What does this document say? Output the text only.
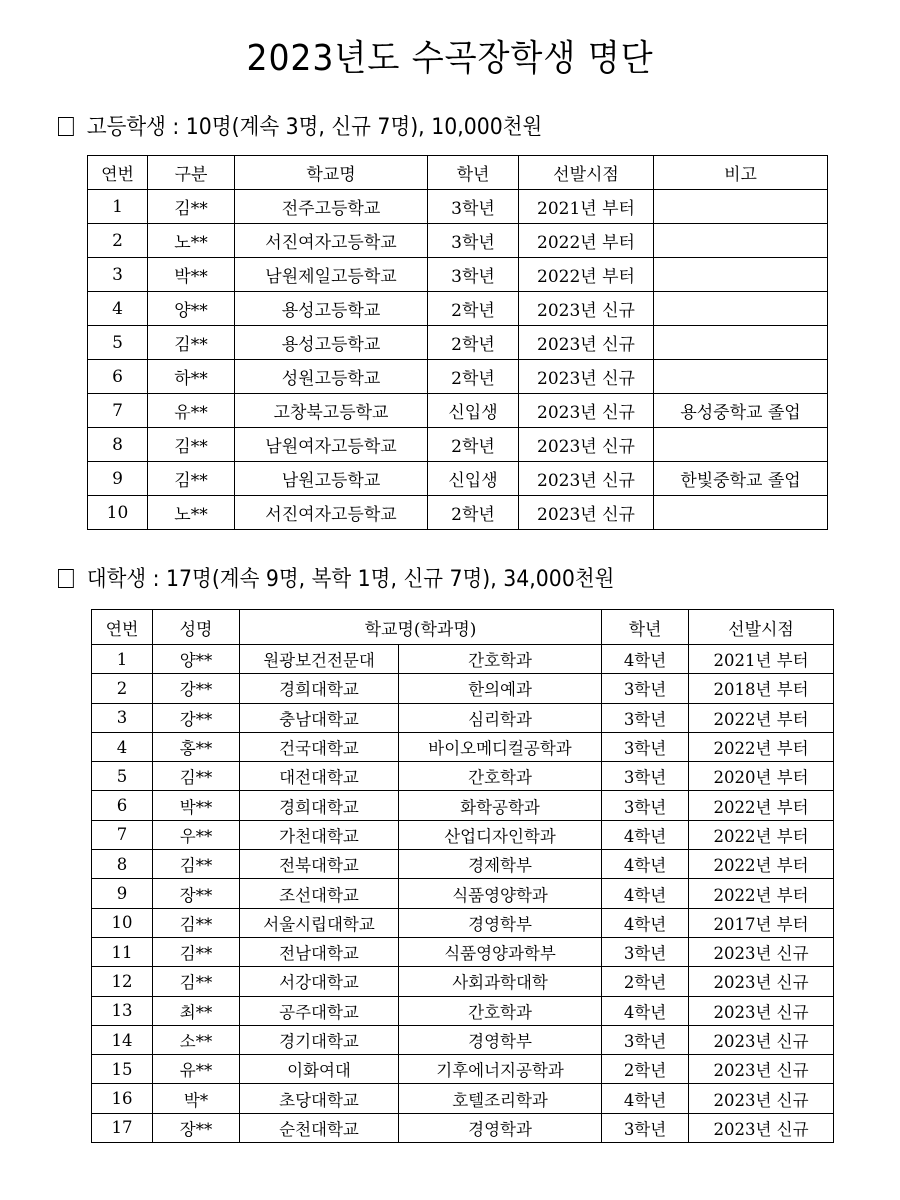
2023년도 수곡장학생 명단
고등학생 : 10명(계속 3명, 신규 7명), 10,000천원
연번	구분	학교명	학년	선발시점	비고
1	김**	전주고등학교	3학년	2021년 부터	
2	노**	서진여자고등학교	3학년	2022년 부터	
3	박**	남원제일고등학교	3학년	2022년 부터	
4	양**	용성고등학교	2학년	2023년 신규	
5	김**	용성고등학교	2학년	2023년 신규	
6	하**	성원고등학교	2학년	2023년 신규	
7	유**	고창북고등학교	신입생	2023년 신규	용성중학교 졸업
8	김**	남원여자고등학교	2학년	2023년 신규	
9	김**	남원고등학교	신입생	2023년 신규	한빛중학교 졸업
10	노**	서진여자고등학교	2학년	2023년 신규	
대학생 : 17명(계속 9명, 복학 1명, 신규 7명), 34,000천원
연번	성명	학교명(학과명)		학년	선발시점
1	양**	원광보건전문대	간호학과	4학년	2021년 부터
2	강**	경희대학교	한의예과	3학년	2018년 부터
3	강**	충남대학교	심리학과	3학년	2022년 부터
4	홍**	건국대학교	바이오메디컬공학과	3학년	2022년 부터
5	김**	대전대학교	간호학과	3학년	2020년 부터
6	박**	경희대학교	화학공학과	3학년	2022년 부터
7	우**	가천대학교	산업디자인학과	4학년	2022년 부터
8	김**	전북대학교	경제학부	4학년	2022년 부터
9	장**	조선대학교	식품영양학과	4학년	2022년 부터
10	김**	서울시립대학교	경영학부	4학년	2017년 부터
11	김**	전남대학교	식품영양과학부	3학년	2023년 신규
12	김**	서강대학교	사회과학대학	2학년	2023년 신규
13	최**	공주대학교	간호학과	4학년	2023년 신규
14	소**	경기대학교	경영학부	3학년	2023년 신규
15	유**	이화여대	기후에너지공학과	2학년	2023년 신규
16	박*	초당대학교	호텔조리학과	4학년	2023년 신규
17	장**	순천대학교	경영학과	3학년	2023년 신규
